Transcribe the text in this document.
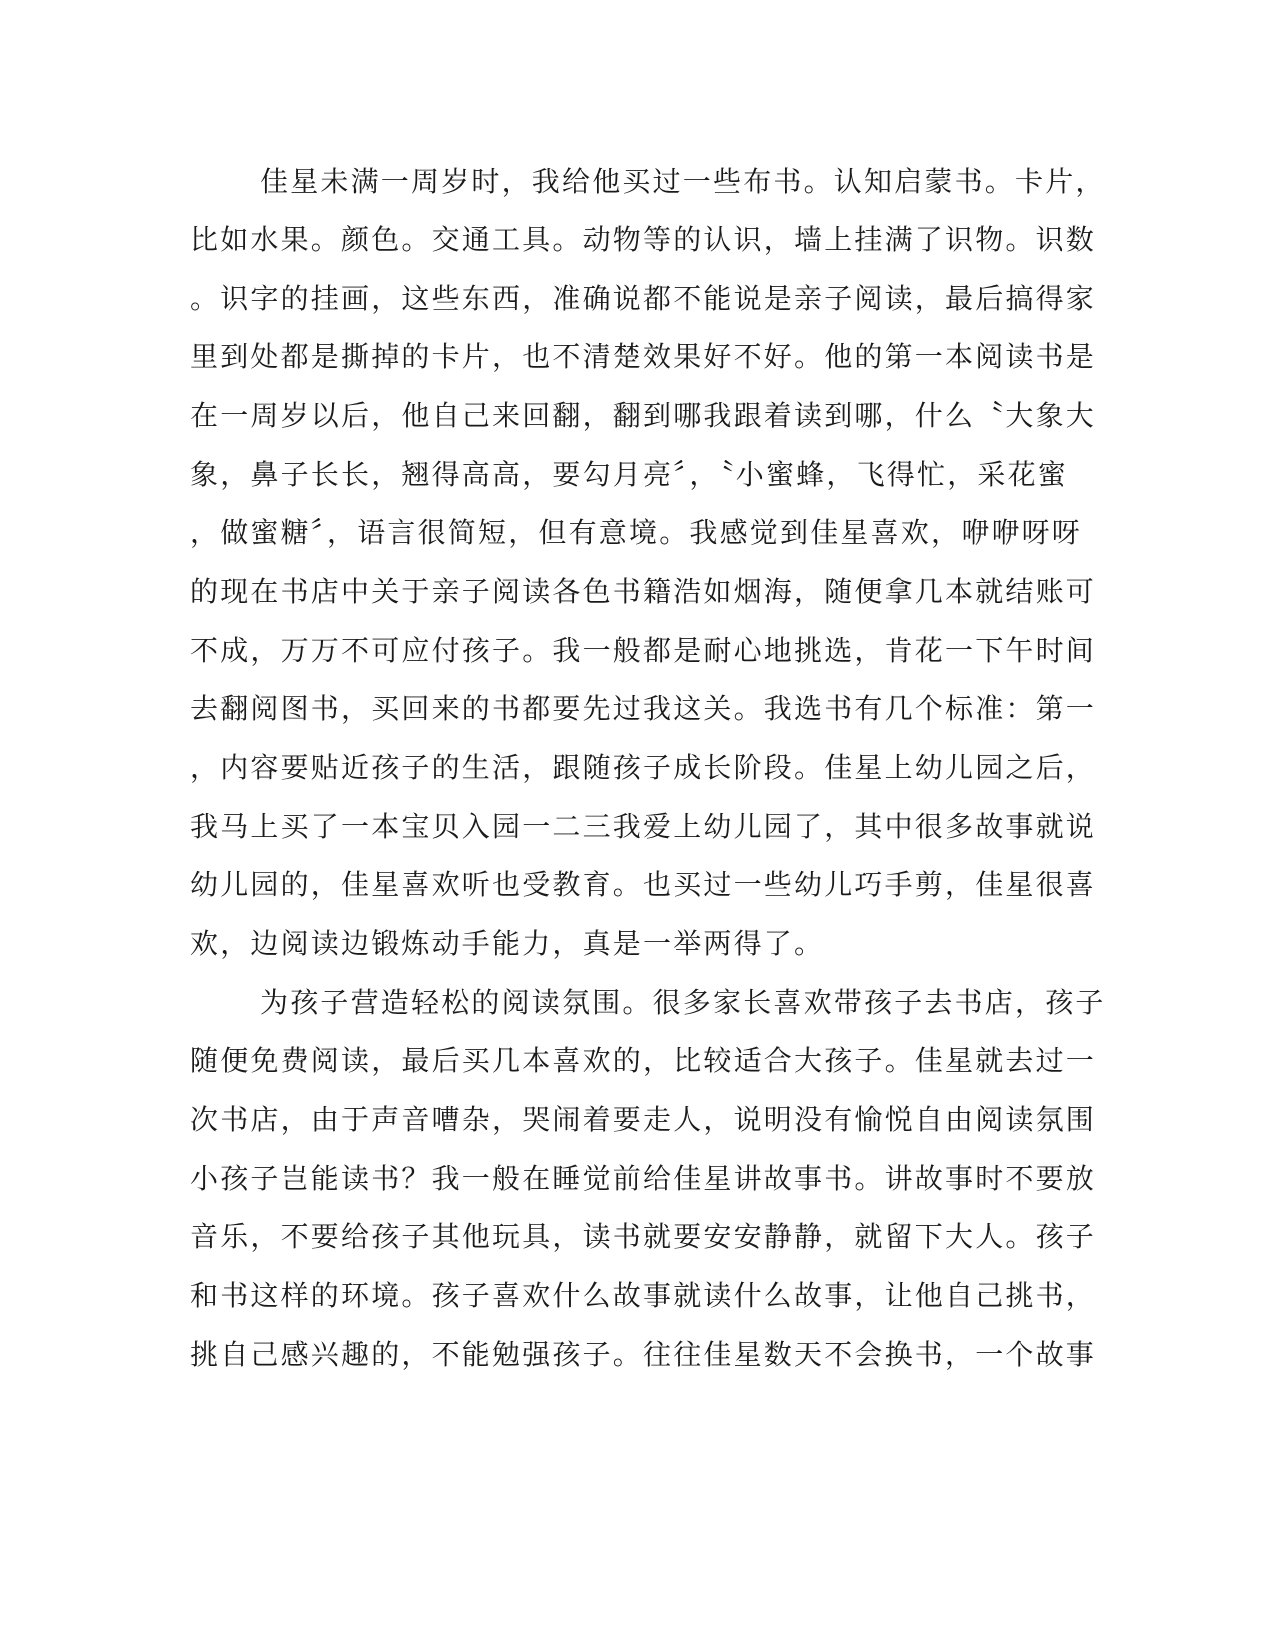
佳星未满一周岁时，我给他买过一些布书。认知启蒙书。卡片，
比如水果。颜色。交通工具。动物等的认识，墙上挂满了识物。识数
。识字的挂画，这些东西，准确说都不能说是亲子阅读，最后搞得家
里到处都是撕掉的卡片，也不清楚效果好不好。他的第一本阅读书是
在一周岁以后，他自己来回翻，翻到哪我跟着读到哪，什么〝大象大
象，鼻子长长，翘得高高，要勾月亮〞，〝小蜜蜂，飞得忙，采花蜜
，做蜜糖〞，语言很简短，但有意境。我感觉到佳星喜欢，咿咿呀呀
的现在书店中关于亲子阅读各色书籍浩如烟海，随便拿几本就结账可
不成，万万不可应付孩子。我一般都是耐心地挑选，肯花一下午时间
去翻阅图书，买回来的书都要先过我这关。我选书有几个标准：第一
，内容要贴近孩子的生活，跟随孩子成长阶段。佳星上幼儿园之后，
我马上买了一本宝贝入园一二三我爱上幼儿园了，其中很多故事就说
幼儿园的，佳星喜欢听也受教育。也买过一些幼儿巧手剪，佳星很喜
欢，边阅读边锻炼动手能力，真是一举两得了。
为孩子营造轻松的阅读氛围。很多家长喜欢带孩子去书店，孩子
随便免费阅读，最后买几本喜欢的，比较适合大孩子。佳星就去过一
次书店，由于声音嘈杂，哭闹着要走人，说明没有愉悦自由阅读氛围
小孩子岂能读书？我一般在睡觉前给佳星讲故事书。讲故事时不要放
音乐，不要给孩子其他玩具，读书就要安安静静，就留下大人。孩子
和书这样的环境。孩子喜欢什么故事就读什么故事，让他自己挑书，
挑自己感兴趣的，不能勉强孩子。往往佳星数天不会换书，一个故事
